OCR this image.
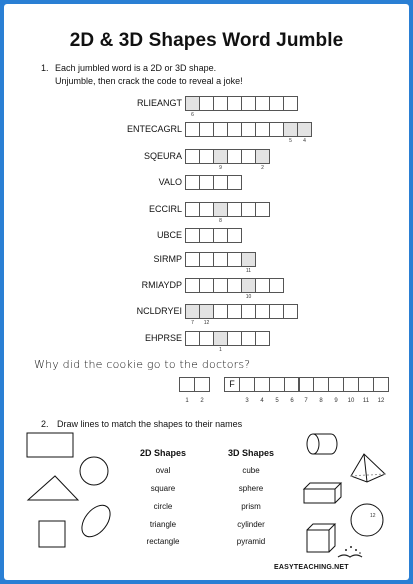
2D & 3D Shapes Word Jumble
1. Each jumbled word is a 2D or 3D shape.
Unjumble, then crack the code to reveal a joke!
RLIEANGT
6
ENTECAGRL
5	4
SQEURA
9	2
VALO
ECCIRL
8
UBCE
SIRMP
11
RMIAYDP
10
NCLDRYEI
7	12
EHPRSE
1
Why did the cookie go to the doctors?
1	2
F
3	4	5	6	7	8	9	10	11	12
2. Draw lines to match the shapes to their names
2D Shapes	3D Shapes
oval
square
circle
triangle
rectangle
cube
sphere
prism
cylinder
pyramid
12
EASYTEACHING.NET
